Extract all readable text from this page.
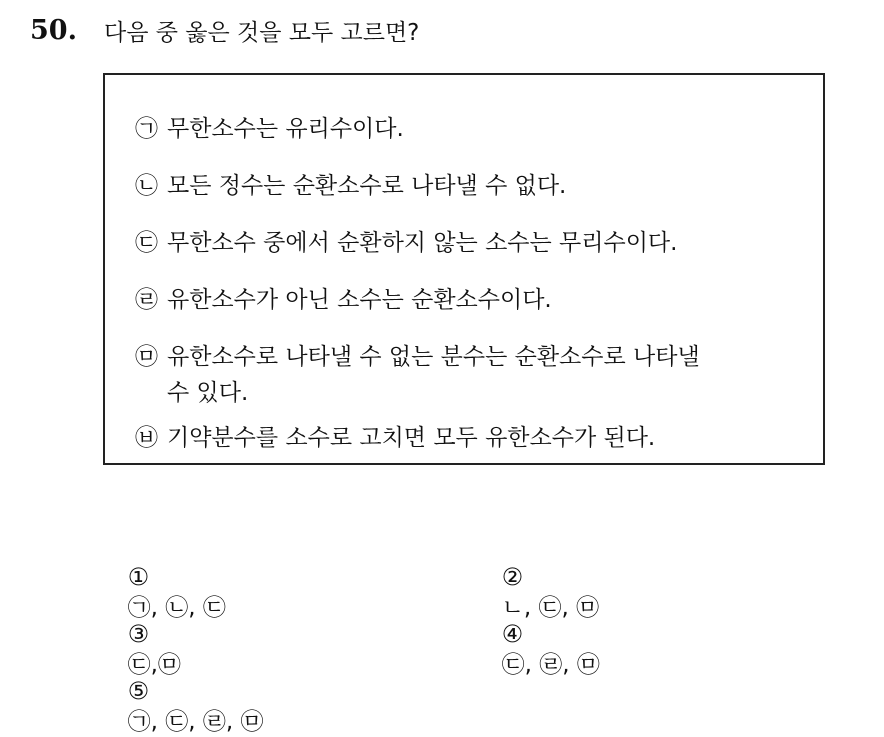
50.	다음 중 옳은 것을 모두 고르면?
㉠ 무한소수는 유리수이다.
㉡ 모든 정수는 순환소수로 나타낼 수 없다.
㉢ 무한소수 중에서 순환하지 않는 소수는 무리수이다.
㉣ 유한소수가 아닌 소수는 순환소수이다.
㉤ 유한소수로 나타낼 수 없는 분수는 순환소수로 나타낼
수 있다.
㉥ 기약분수를 소수로 고치면 모두 유한소수가 된다.

①
㉠, ㉡, ㉢

②
ㄴ, ㉢, ㉤

③
㉢,㉤

④
㉢, ㉣, ㉤

⑤
㉠, ㉢, ㉣, ㉤
